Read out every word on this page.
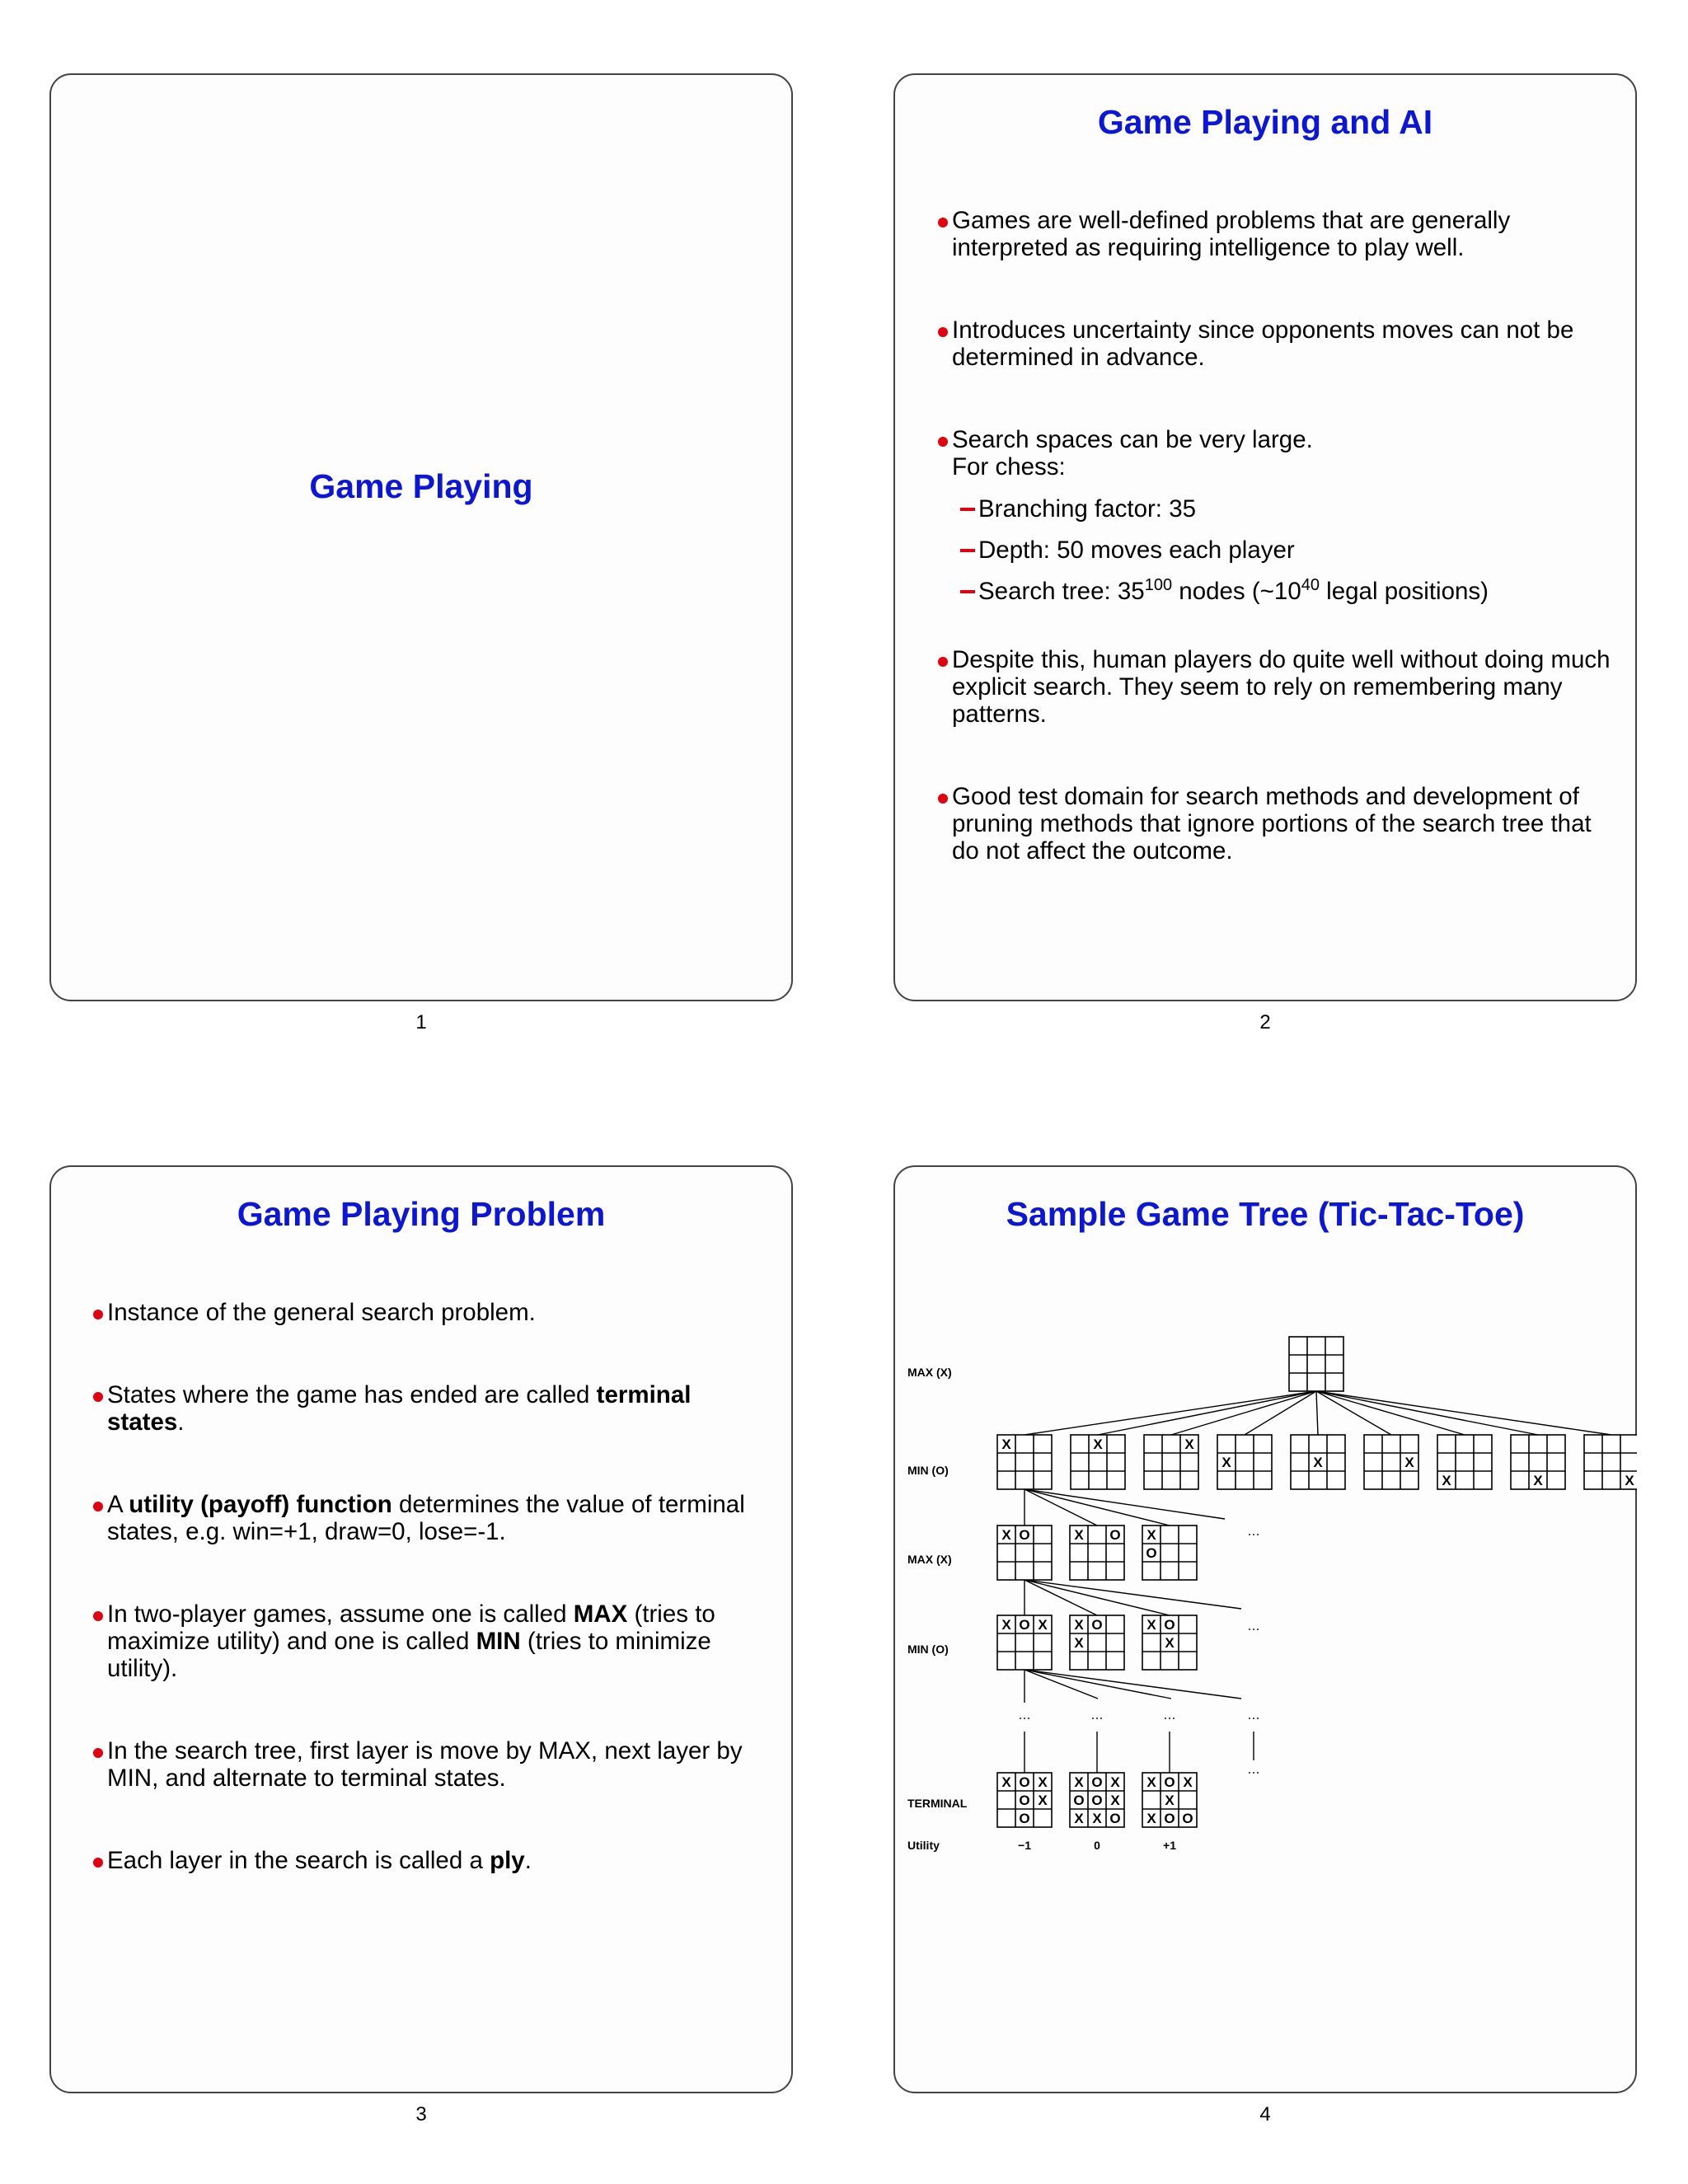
Game Playing
1
Game Playing and AI
Games are well-defined problems that are generally interpreted as requiring intelligence to play well.
Introduces uncertainty since opponents moves can not be determined in advance.
Search spaces can be very large.
For chess:
Branching factor: 35
Depth: 50 moves each player
Search tree: $35^{100}$ nodes ($\sim 10^{40}$ legal positions)
Despite this, human players do quite well without doing much explicit search. They seem to rely on remembering many patterns.
Good test domain for search methods and development of pruning methods that ignore portions of the search tree that do not affect the outcome.
2
Game Playing Problem
Instance of the general search problem.
States where the game has ended are called terminal states.
A utility (payoff) function determines the value of terminal states, e.g. win=+1, draw=0, lose=-1.
In two-player games, assume one is called MAX (tries to maximize utility) and one is called MIN (tries to minimize utility).
In the search tree, first layer is move by MAX, next layer by MIN, and alternate to terminal states.
Each layer in the search is called a ply.
3
Sample Game Tree (Tic-Tac-Toe)
X	X	X
X	X	X
X	X	X
X O	X O X
O
X O X X O
X
X O
X
X O X
O X
O
X O X
O O X
X X O
X O X
X
X O O
MAX (X)
MIN (O)
MAX (X)
MIN (O)
TERMINAL
Utility
...
...
...	...	...	...
...
−1	0	+1
4
